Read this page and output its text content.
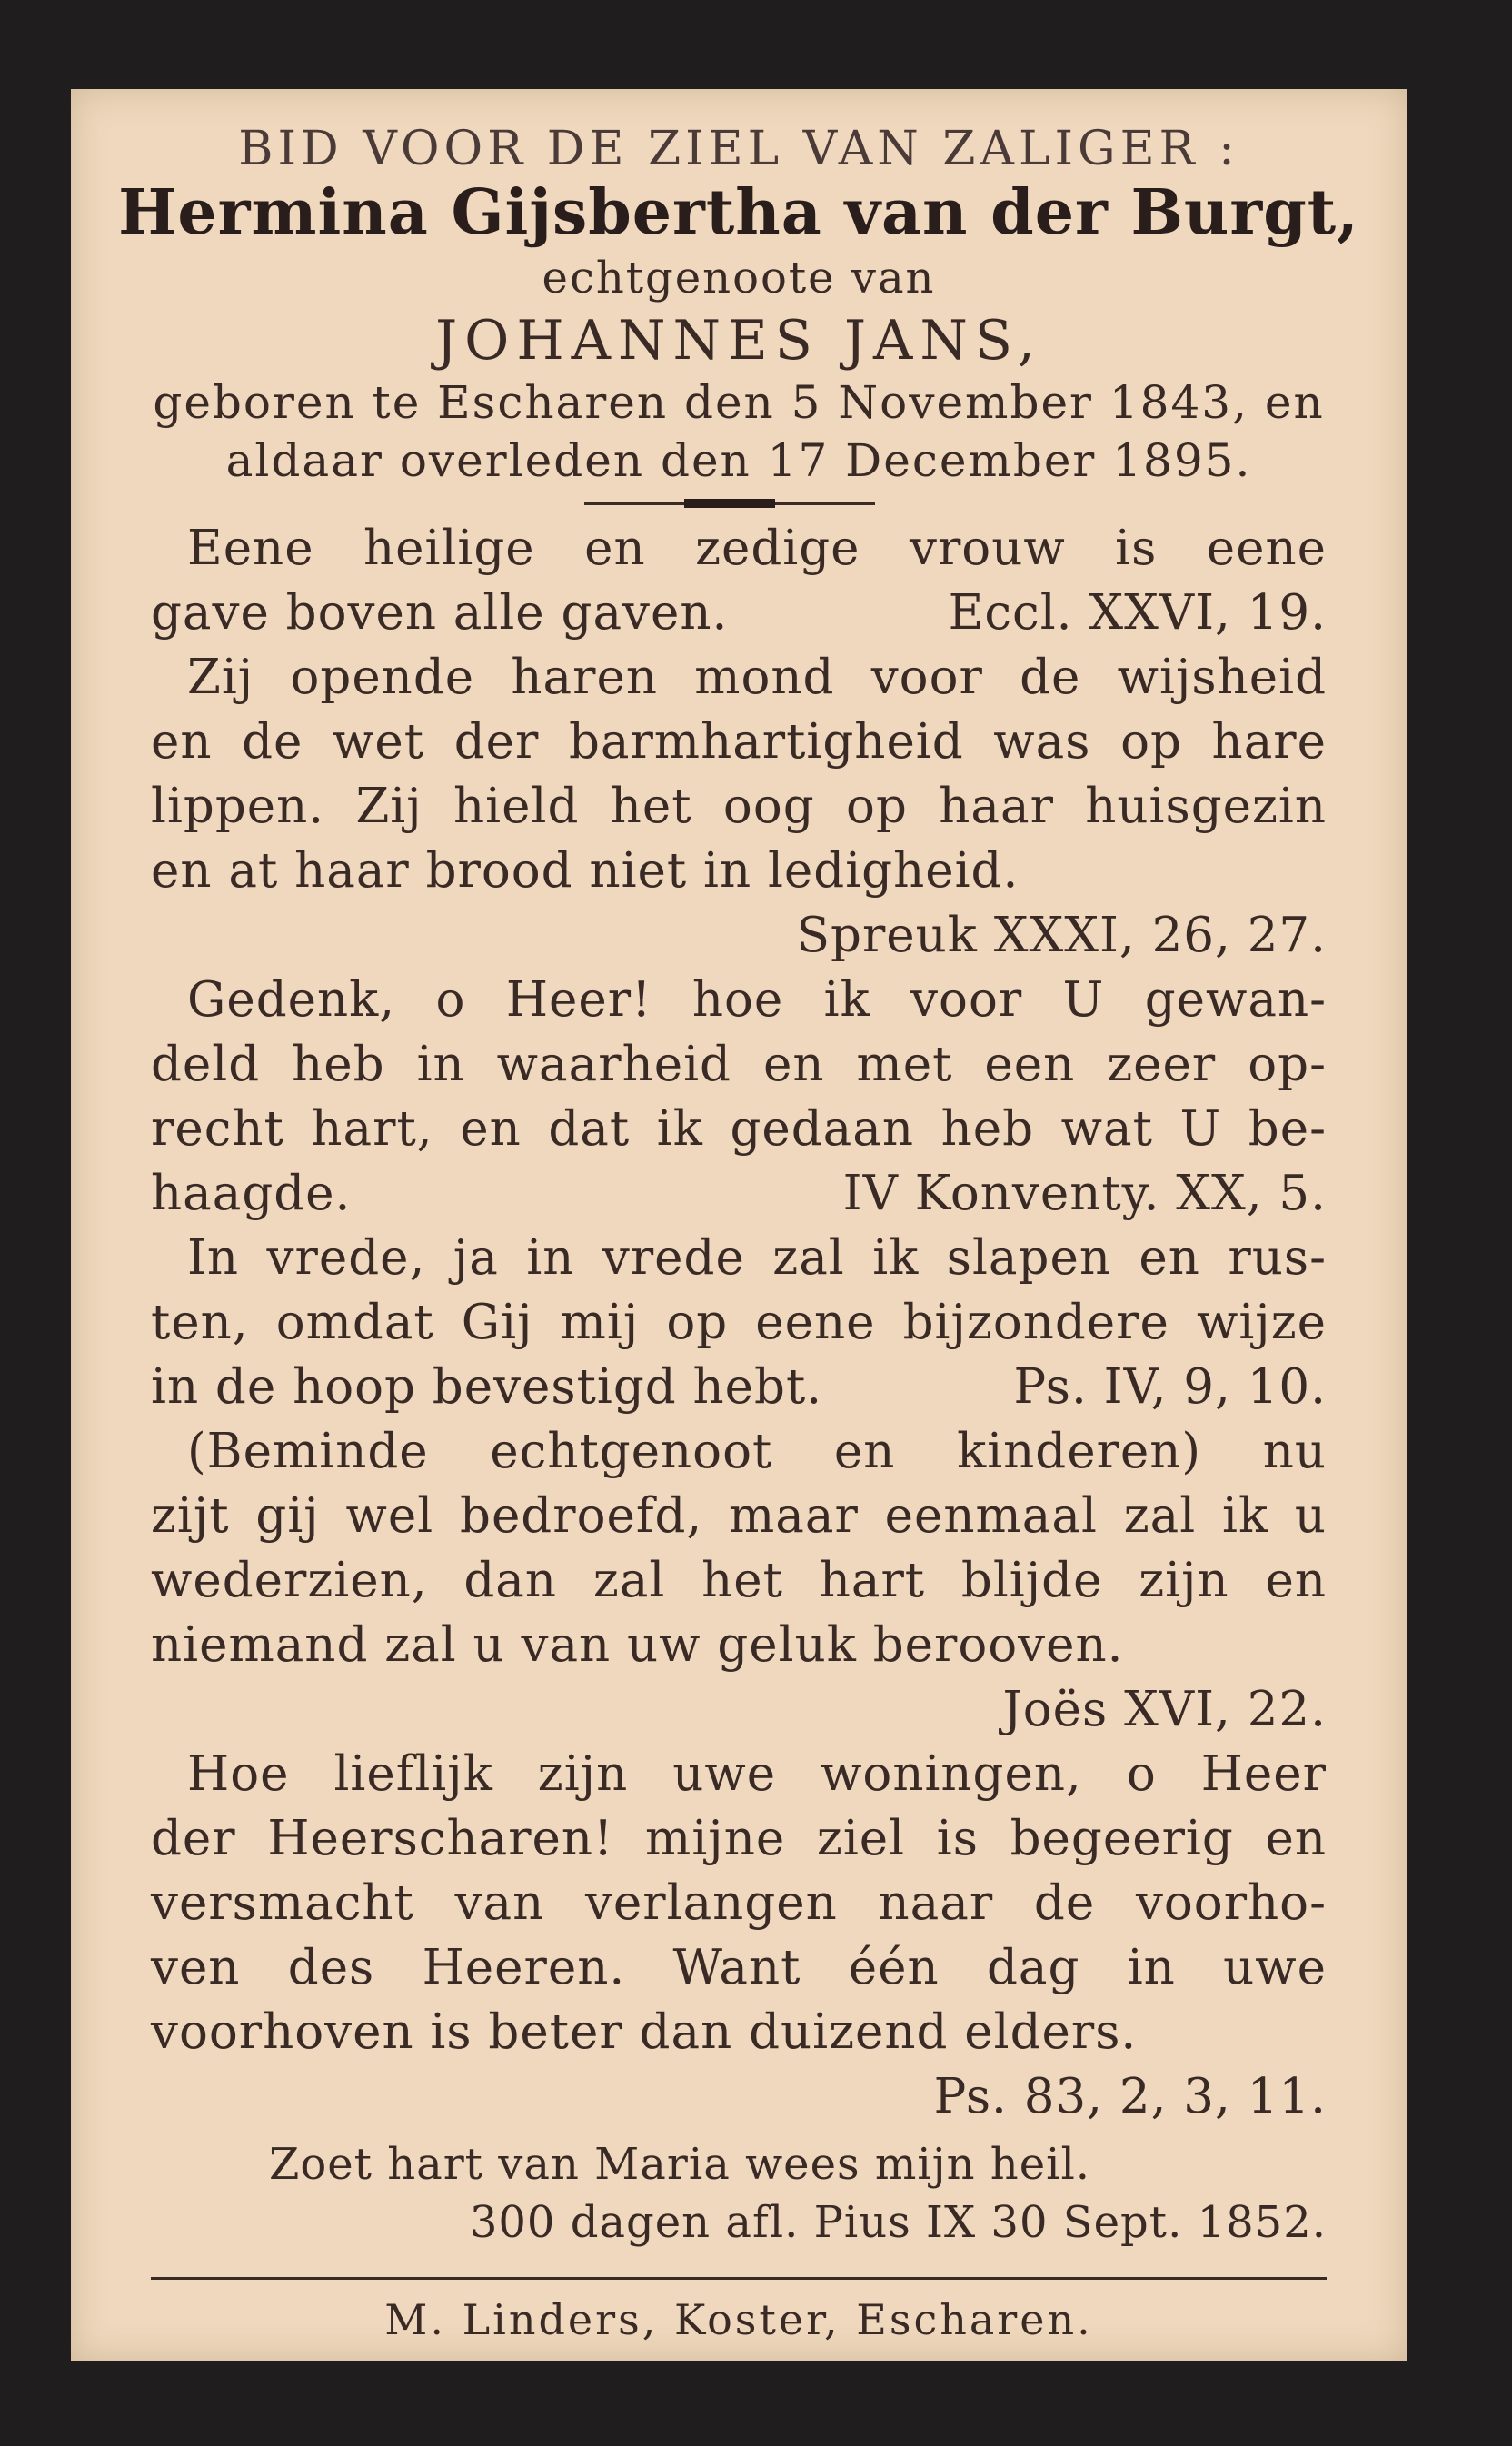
BID VOOR DE ZIEL VAN ZALIGER :
Hermina Gijsbertha van der Burgt,
echtgenoote van
JOHANNES JANS,
geboren te Escharen den 5 November 1843, en
aldaar overleden den 17 December 1895.
Eene heilige en zedige vrouw is eene
gave boven alle gaven.	Eccl. XXVI, 19.
Zij opende haren mond voor de wijsheid
en de wet der barmhartigheid was op hare
lippen. Zij hield het oog op haar huisgezin
en at haar brood niet in ledigheid.
Spreuk XXXI, 26, 27.
Gedenk, o Heer! hoe ik voor U gewan-
deld heb in waarheid en met een zeer op-
recht hart, en dat ik gedaan heb wat U be-
haagde.	IV Konventy. XX, 5.
In vrede, ja in vrede zal ik slapen en rus-
ten, omdat Gij mij op eene bijzondere wijze
in de hoop bevestigd hebt.	Ps. IV, 9, 10.
(Beminde echtgenoot en kinderen) nu
zijt gij wel bedroefd, maar eenmaal zal ik u
wederzien, dan zal het hart blijde zijn en
niemand zal u van uw geluk berooven.
Joës XVI, 22.
Hoe lieflijk zijn uwe woningen, o Heer
der Heerscharen! mijne ziel is begeerig en
versmacht van verlangen naar de voorho-
ven des Heeren. Want één dag in uwe
voorhoven is beter dan duizend elders.
Ps. 83, 2, 3, 11.
Zoet hart van Maria wees mijn heil.
300 dagen afl. Pius IX 30 Sept. 1852.
M. Linders, Koster, Escharen.
